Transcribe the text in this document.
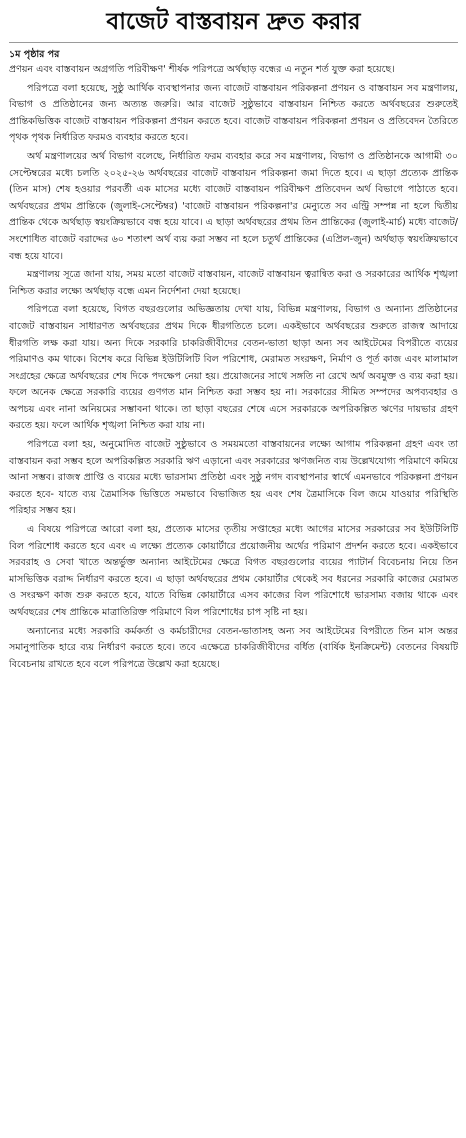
বাজেট বাস্তবায়ন দ্রুত করার

১ম পৃষ্ঠার পর

প্রণয়ন এবং বাস্তবায়ন অগ্রগতি পরিবীক্ষণ' শীর্ষক পরিপত্রে অর্থছাড় বন্ধের এ নতুন শর্ত যুক্ত করা হয়েছে।

পরিপত্রে বলা হয়েছে, সুষ্ঠু আর্থিক ব্যবস্থাপনার জন্য বাজেট বাস্তবায়ন পরিকল্পনা প্রণয়ন ও বাস্তবায়ন সব মন্ত্রণালয়, বিভাগ ও প্রতিষ্ঠানের জন্য অত্যন্ত জরুরি। আর বাজেট সুষ্ঠুভাবে বাস্তবায়ন নিশ্চিত করতে অর্থবছরের শুরুতেই প্রান্তিকভিত্তিক বাজেট বাস্তবায়ন পরিকল্পনা প্রণয়ন করতে হবে। বাজেট বাস্তবায়ন পরিকল্পনা প্রণয়ন ও প্রতিবেদন তৈরিতে পৃথক পৃথক নির্ধারিত ফরমও ব্যবহার করতে হবে।

অর্থ মন্ত্রণালয়ের অর্থ বিভাগ বলেছে, নির্ধারিত ফরম ব্যবহার করে সব মন্ত্রণালয়, বিভাগ ও প্রতিষ্ঠানকে আগামী ৩০ সেপ্টেম্বরের মধ্যে চলতি ২০২৫-২৬ অর্থবছরের বাজেট বাস্তবায়ন পরিকল্পনা জমা দিতে হবে। এ ছাড়া প্রত্যেক প্রান্তিক (তিন মাস) শেষ হওয়ার পরবর্তী এক মাসের মধ্যে বাজেট বাস্তবায়ন পরিবীক্ষণ প্রতিবেদন অর্থ বিভাগে পাঠাতে হবে। অর্থবছরের প্রথম প্রান্তিকে (জুলাই-সেপ্টেম্বর) 'বাজেট বাস্তবায়ন পরিকল্পনা'র মেন্যুতে সব এন্ট্রি সম্পন্ন না হলে দ্বিতীয় প্রান্তিক থেকে অর্থছাড় স্বয়ংক্রিয়ভাবে বন্ধ হয়ে যাবে। এ ছাড়া অর্থবছরের প্রথম তিন প্রান্তিকের (জুলাই-মার্চ) মধ্যে বাজেট/সংশোধিত বাজেট বরাদ্দের ৬০ শতাংশ অর্থ ব্যয় করা সম্ভব না হলে চতুর্থ প্রান্তিকের (এপ্রিল-জুন) অর্থছাড় স্বয়ংক্রিয়ভাবে বন্ধ হয়ে যাবে।

মন্ত্রণালয় সূত্রে জানা যায়, সময় মতো বাজেট বাস্তবায়ন, বাজেট বাস্তবায়ন ত্বরান্বিত করা ও সরকারের আর্থিক শৃঙ্খলা নিশ্চিত করার লক্ষ্যে অর্থছাড় বন্ধে এমন নির্দেশনা দেয়া হয়েছে।

পরিপত্রে বলা হয়েছে, বিগত বছরগুলোর অভিজ্ঞতায় দেখা যায়, বিভিন্ন মন্ত্রণালয়, বিভাগ ও অন্যান্য প্রতিষ্ঠানের বাজেট বাস্তবায়ন সাধারণত অর্থবছরের প্রথম দিকে ধীরগতিতে চলে। একইভাবে অর্থবছরের শুরুতে রাজস্ব আদায়ে ধীরগতি লক্ষ করা যায়। অন্য দিকে সরকারি চাকরিজীবীদের বেতন-ভাতা ছাড়া অন্য সব আইটেমের বিপরীতে ব্যয়ের পরিমাণও কম থাকে। বিশেষ করে বিভিন্ন ইউটিলিটি বিল পরিশোধ, মেরামত সংরক্ষণ, নির্মাণ ও পূর্ত কাজ এবং মালামাল সংগ্রহের ক্ষেত্রে অর্থবছরের শেষ দিকে পদক্ষেপ নেয়া হয়। প্রয়োজনের সাথে সঙ্গতি না রেখে অর্থ অবমুক্ত ও ব্যয় করা হয়। ফলে অনেক ক্ষেত্রে সরকারি ব্যয়ের গুণগত মান নিশ্চিত করা সম্ভব হয় না। সরকারের সীমিত সম্পদের অপব্যবহার ও অপচয় এবং নানা অনিয়মের সম্ভাবনা থাকে। তা ছাড়া বছরের শেষে এসে সরকারকে অপরিকল্পিত ঋণের দায়ভার গ্রহণ করতে হয়। ফলে আর্থিক শৃঙ্খলা নিশ্চিত করা যায় না।

পরিপত্রে বলা হয়, অনুমোদিত বাজেট সুষ্ঠুভাবে ও সময়মতো বাস্তবায়নের লক্ষ্যে আগাম পরিকল্পনা গ্রহণ এবং তা বাস্তবায়ন করা সম্ভব হলে অপরিকল্পিত সরকারি ঋণ এড়ানো এবং সরকারের ঋণজনিত ব্যয় উল্লেখযোগ্য পরিমাণে কমিয়ে আনা সম্ভব। রাজস্ব প্রাপ্তি ও ব্যয়ের মধ্যে ভারসাম্য প্রতিষ্ঠা এবং সুষ্ঠু নগদ ব্যবস্থাপনার স্বার্থে এমনভাবে পরিকল্পনা প্রণয়ন করতে হবে- যাতে ব্যয় ত্রৈমাসিক ভিত্তিতে সমভাবে বিভাজিত হয় এবং শেষ ত্রৈমাসিকে বিল জমে যাওয়ার পরিস্থিতি পরিহার সম্ভব হয়।

এ বিষয়ে পরিপত্রে আরো বলা হয়, প্রত্যেক মাসের তৃতীয় সপ্তাহের মধ্যে আগের মাসের সরকারের সব ইউটিলিটি বিল পরিশোধ করতে হবে এবং এ লক্ষ্যে প্রত্যেক কোয়ার্টারে প্রয়োজনীয় অর্থের পরিমাণ প্রদর্শন করতে হবে। একইভাবে সরবরাহ ও সেবা খাতে অন্তর্ভুক্ত অন্যান্য আইটেমের ক্ষেত্রে বিগত বছরগুলোর ব্যয়ের প্যাটার্ন বিবেচনায় নিয়ে তিন মাসভিত্তিক বরাদ্দ নির্ধারণ করতে হবে। এ ছাড়া অর্থবছরের প্রথম কোয়ার্টার থেকেই সব ধরনের সরকারি কাজের মেরামত ও সংরক্ষণ কাজ শুরু করতে হবে, যাতে বিভিন্ন কোয়ার্টারে এসব কাজের বিল পরিশোধে ভারসাম্য বজায় থাকে এবং অর্থবছরের শেষ প্রান্তিকে মাত্রাতিরিক্ত পরিমাণে বিল পরিশোধের চাপ সৃষ্টি না হয়।

অন্যান্যের মধ্যে সরকারি কর্মকর্তা ও কর্মচারীদের বেতন-ভাতাসহ অন্য সব আইটেমের বিপরীতে তিন মাস অন্তর সমানুপাতিক হারে ব্যয় নির্ধারণ করতে হবে। তবে এক্ষেত্রে চাকরিজীবীদের বর্ধিত (বার্ষিক ইনক্রিমেন্ট) বেতনের বিষয়টি বিবেচনায় রাখতে হবে বলে পরিপত্রে উল্লেখ করা হয়েছে।
